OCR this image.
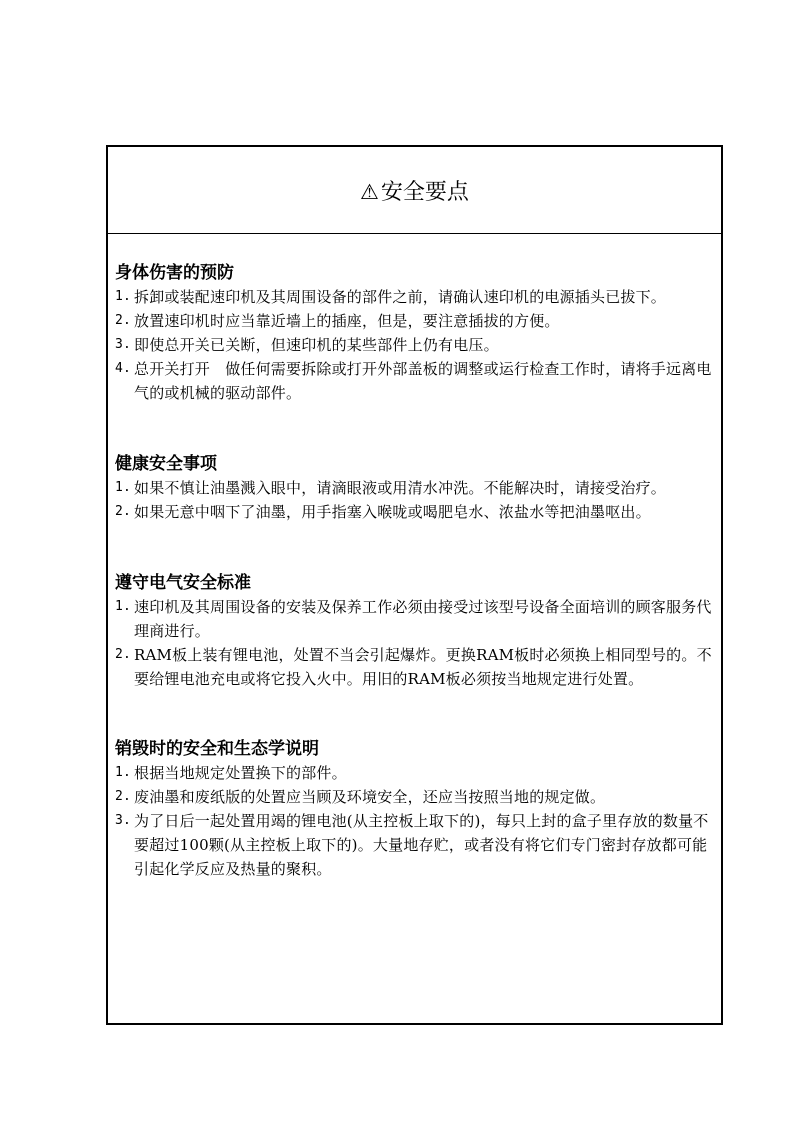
⚠安全要点
身体伤害的预防
1. 拆卸或装配速印机及其周围设备的部件之前，请确认速印机的电源插头已拔下。
2. 放置速印机时应当靠近墙上的插座，但是，要注意插拔的方便。
3. 即使总开关已关断，但速印机的某些部件上仍有电压。
4. 总开关打开　做任何需要拆除或打开外部盖板的调整或运行检查工作时，请将手远离电气的或机械的驱动部件。
健康安全事项
1. 如果不慎让油墨溅入眼中，请滴眼液或用清水冲洗。不能解决时，请接受治疗。
2. 如果无意中咽下了油墨，用手指塞入喉咙或喝肥皂水、浓盐水等把油墨呕出。
遵守电气安全标准
1. 速印机及其周围设备的安装及保养工作必须由接受过该型号设备全面培训的顾客服务代理商进行。
2. RAM板上装有锂电池，处置不当会引起爆炸。更换RAM板时必须换上相同型号的。不要给锂电池充电或将它投入火中。用旧的RAM板必须按当地规定进行处置。
销毁时的安全和生态学说明
1. 根据当地规定处置换下的部件。
2. 废油墨和废纸版的处置应当顾及环境安全，还应当按照当地的规定做。
3. 为了日后一起处置用竭的锂电池(从主控板上取下的)，每只上封的盒子里存放的数量不要超过100颗(从主控板上取下的)。大量地存贮，或者没有将它们专门密封存放都可能引起化学反应及热量的聚积。
